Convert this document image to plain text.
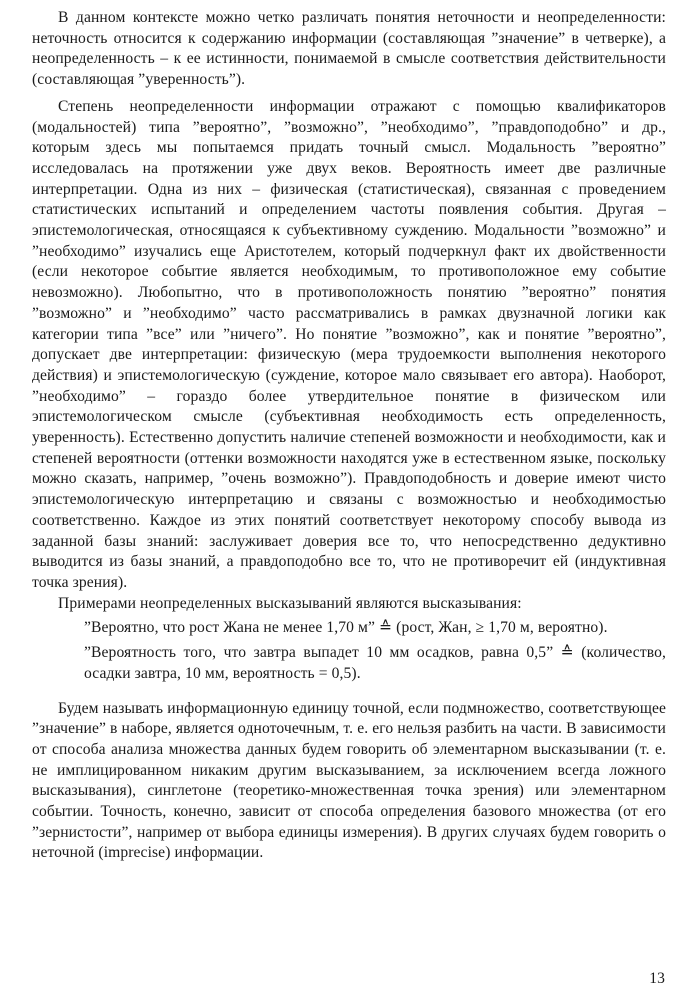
В данном контексте можно четко различать понятия неточности и неопределенности: неточность относится к содержанию информации (составляющая ”значение” в четверке), а неопределенность – к ее истинности, понимаемой в смысле соответствия действительности (составляющая ”уверенность”).

Степень неопределенности информации отражают с помощью квалификаторов (модальностей) типа ”вероятно”, ”возможно”, ”необходимо”, ”правдоподобно” и др., которым здесь мы попытаемся придать точный смысл. Модальность ”вероятно” исследовалась на протяжении уже двух веков. Вероятность имеет две различные интерпретации. Одна из них – физическая (статистическая), связанная с проведением статистических испытаний и определением частоты появления события. Другая – эпистемологическая, относящаяся к субъективному суждению. Модальности ”возможно” и ”необходимо” изучались еще Аристотелем, который подчеркнул факт их двойственности (если некоторое событие является необходимым, то противоположное ему событие невозможно). Любопытно, что в противоположность понятию ”вероятно” понятия ”возможно” и ”необходимо” часто рассматривались в рамках двузначной логики как категории типа ”все” или ”ничего”. Но понятие ”возможно”, как и понятие ”вероятно”, допускает две интерпретации: физическую (мера трудоемкости выполнения некоторого действия) и эпистемологическую (суждение, которое мало связывает его автора). Наоборот, ”необходимо” – гораздо более утвердительное понятие в физическом или эпистемологическом смысле (субъективная необходимость есть определенность, уверенность). Естественно допустить наличие степеней возможности и необходимости, как и степеней вероятности (оттенки возможности находятся уже в естественном языке, поскольку можно сказать, например, ”очень возможно”). Правдоподобность и доверие имеют чисто эпистемологическую интерпретацию и связаны с возможностью и необходимостью соответственно. Каждое из этих понятий соответствует некоторому способу вывода из заданной базы знаний: заслуживает доверия все то, что непосредственно дедуктивно выводится из базы знаний, а правдоподобно все то, что не противоречит ей (индуктивная точка зрения).

Примерами неопределенных высказываний являются высказывания:

”Вероятно, что рост Жана не менее 1,70 м” ≙ (рост, Жан, ≥ 1,70 м, вероятно).

”Вероятность того, что завтра выпадет 10 мм осадков, равна 0,5” ≙ (количество, осадки завтра, 10 мм, вероятность = 0,5).

Будем называть информационную единицу точной, если подмножество, соответствующее ”значение” в наборе, является одноточечным, т. е. его нельзя разбить на части. В зависимости от способа анализа множества данных будем говорить об элементарном высказывании (т. е. не имплицированном никаким другим высказыванием, за исключением всегда ложного высказывания), синглетоне (теоретико-множественная точка зрения) или элементарном событии. Точность, конечно, зависит от способа определения базового множества (от его ”зернистости”, например от выбора единицы измерения). В других случаях будем говорить о неточной (imprecise) информации.

13
